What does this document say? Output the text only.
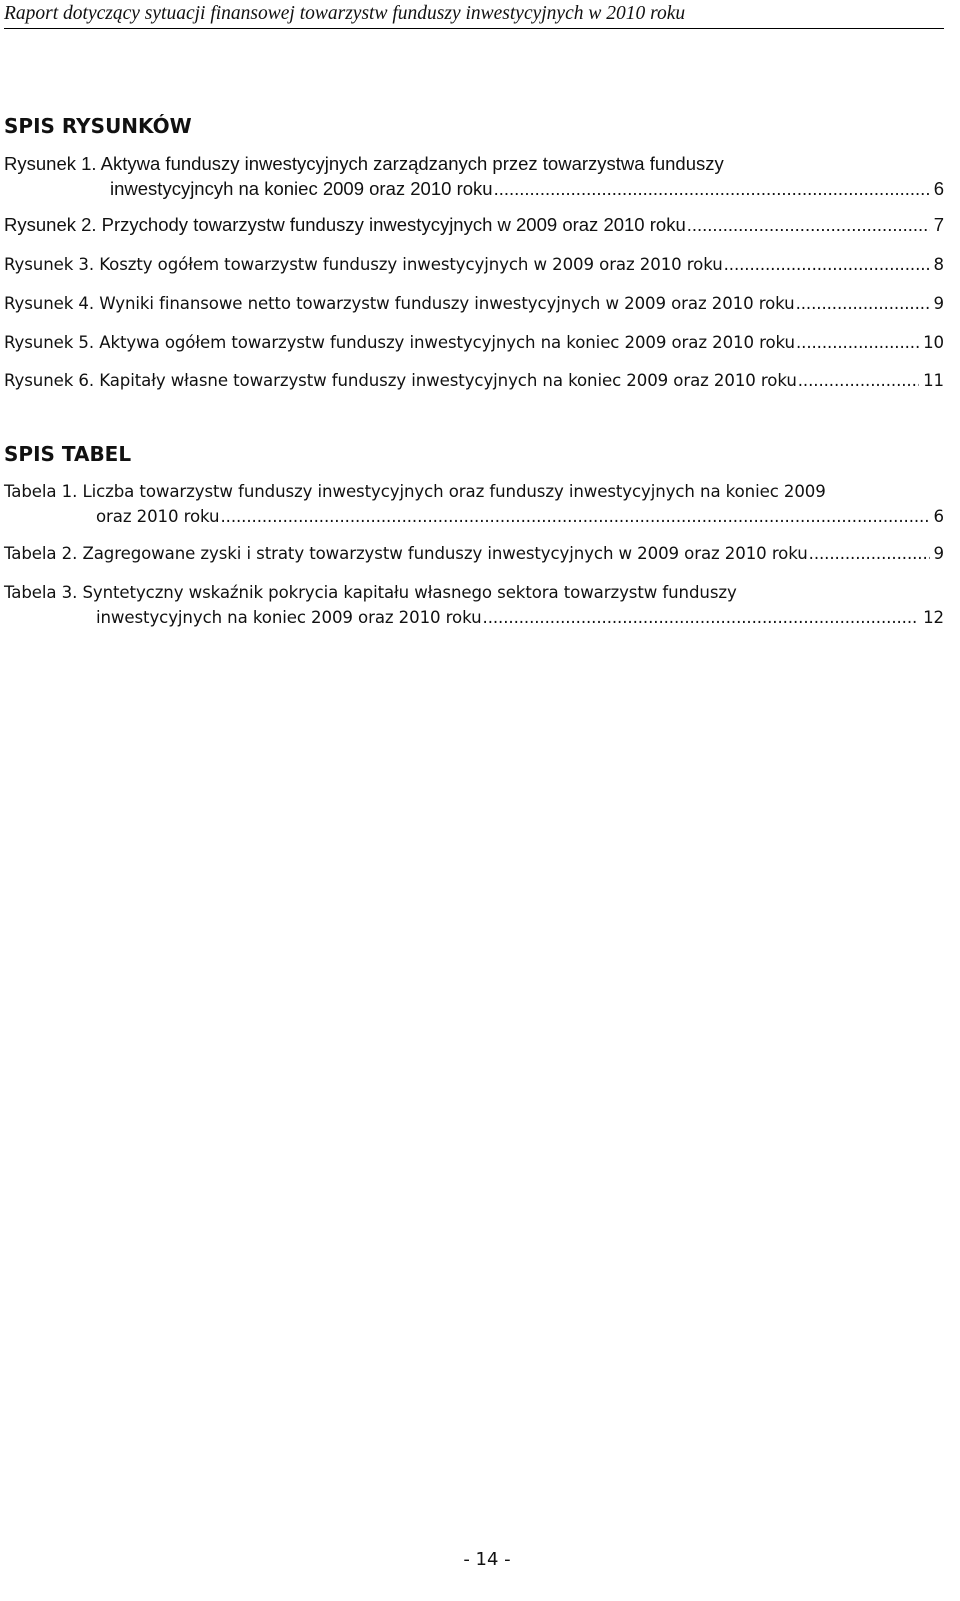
Raport dotyczący sytuacji finansowej towarzystw funduszy inwestycyjnych w 2010 roku
SPIS RYSUNKÓW
Rysunek 1. Aktywa funduszy inwestycyjnych zarządzanych przez towarzystwa funduszy
inwestycyjncyh na koniec 2009 oraz 2010 roku .....	6
Rysunek 2. Przychody towarzystw funduszy inwestycyjnych w 2009 oraz 2010 roku .....	7
Rysunek 3. Koszty ogółem towarzystw funduszy inwestycyjnych w 2009 oraz 2010 roku .....	8
Rysunek 4. Wyniki finansowe netto towarzystw funduszy inwestycyjnych w 2009 oraz 2010 roku .....	9
Rysunek 5. Aktywa ogółem towarzystw funduszy inwestycyjnych na koniec 2009 oraz 2010 roku .....	10
Rysunek 6. Kapitały własne towarzystw funduszy inwestycyjnych na koniec 2009 oraz 2010 roku .....	11
SPIS TABEL
Tabela 1. Liczba towarzystw funduszy inwestycyjnych oraz funduszy inwestycyjnych na koniec 2009
oraz 2010 roku .....	6
Tabela 2. Zagregowane zyski i straty towarzystw funduszy inwestycyjnych w 2009 oraz 2010 roku .....	9
Tabela 3. Syntetyczny wskaźnik pokrycia kapitału własnego sektora towarzystw funduszy
inwestycyjnych na koniec 2009 oraz 2010 roku .....	12
- 14 -
